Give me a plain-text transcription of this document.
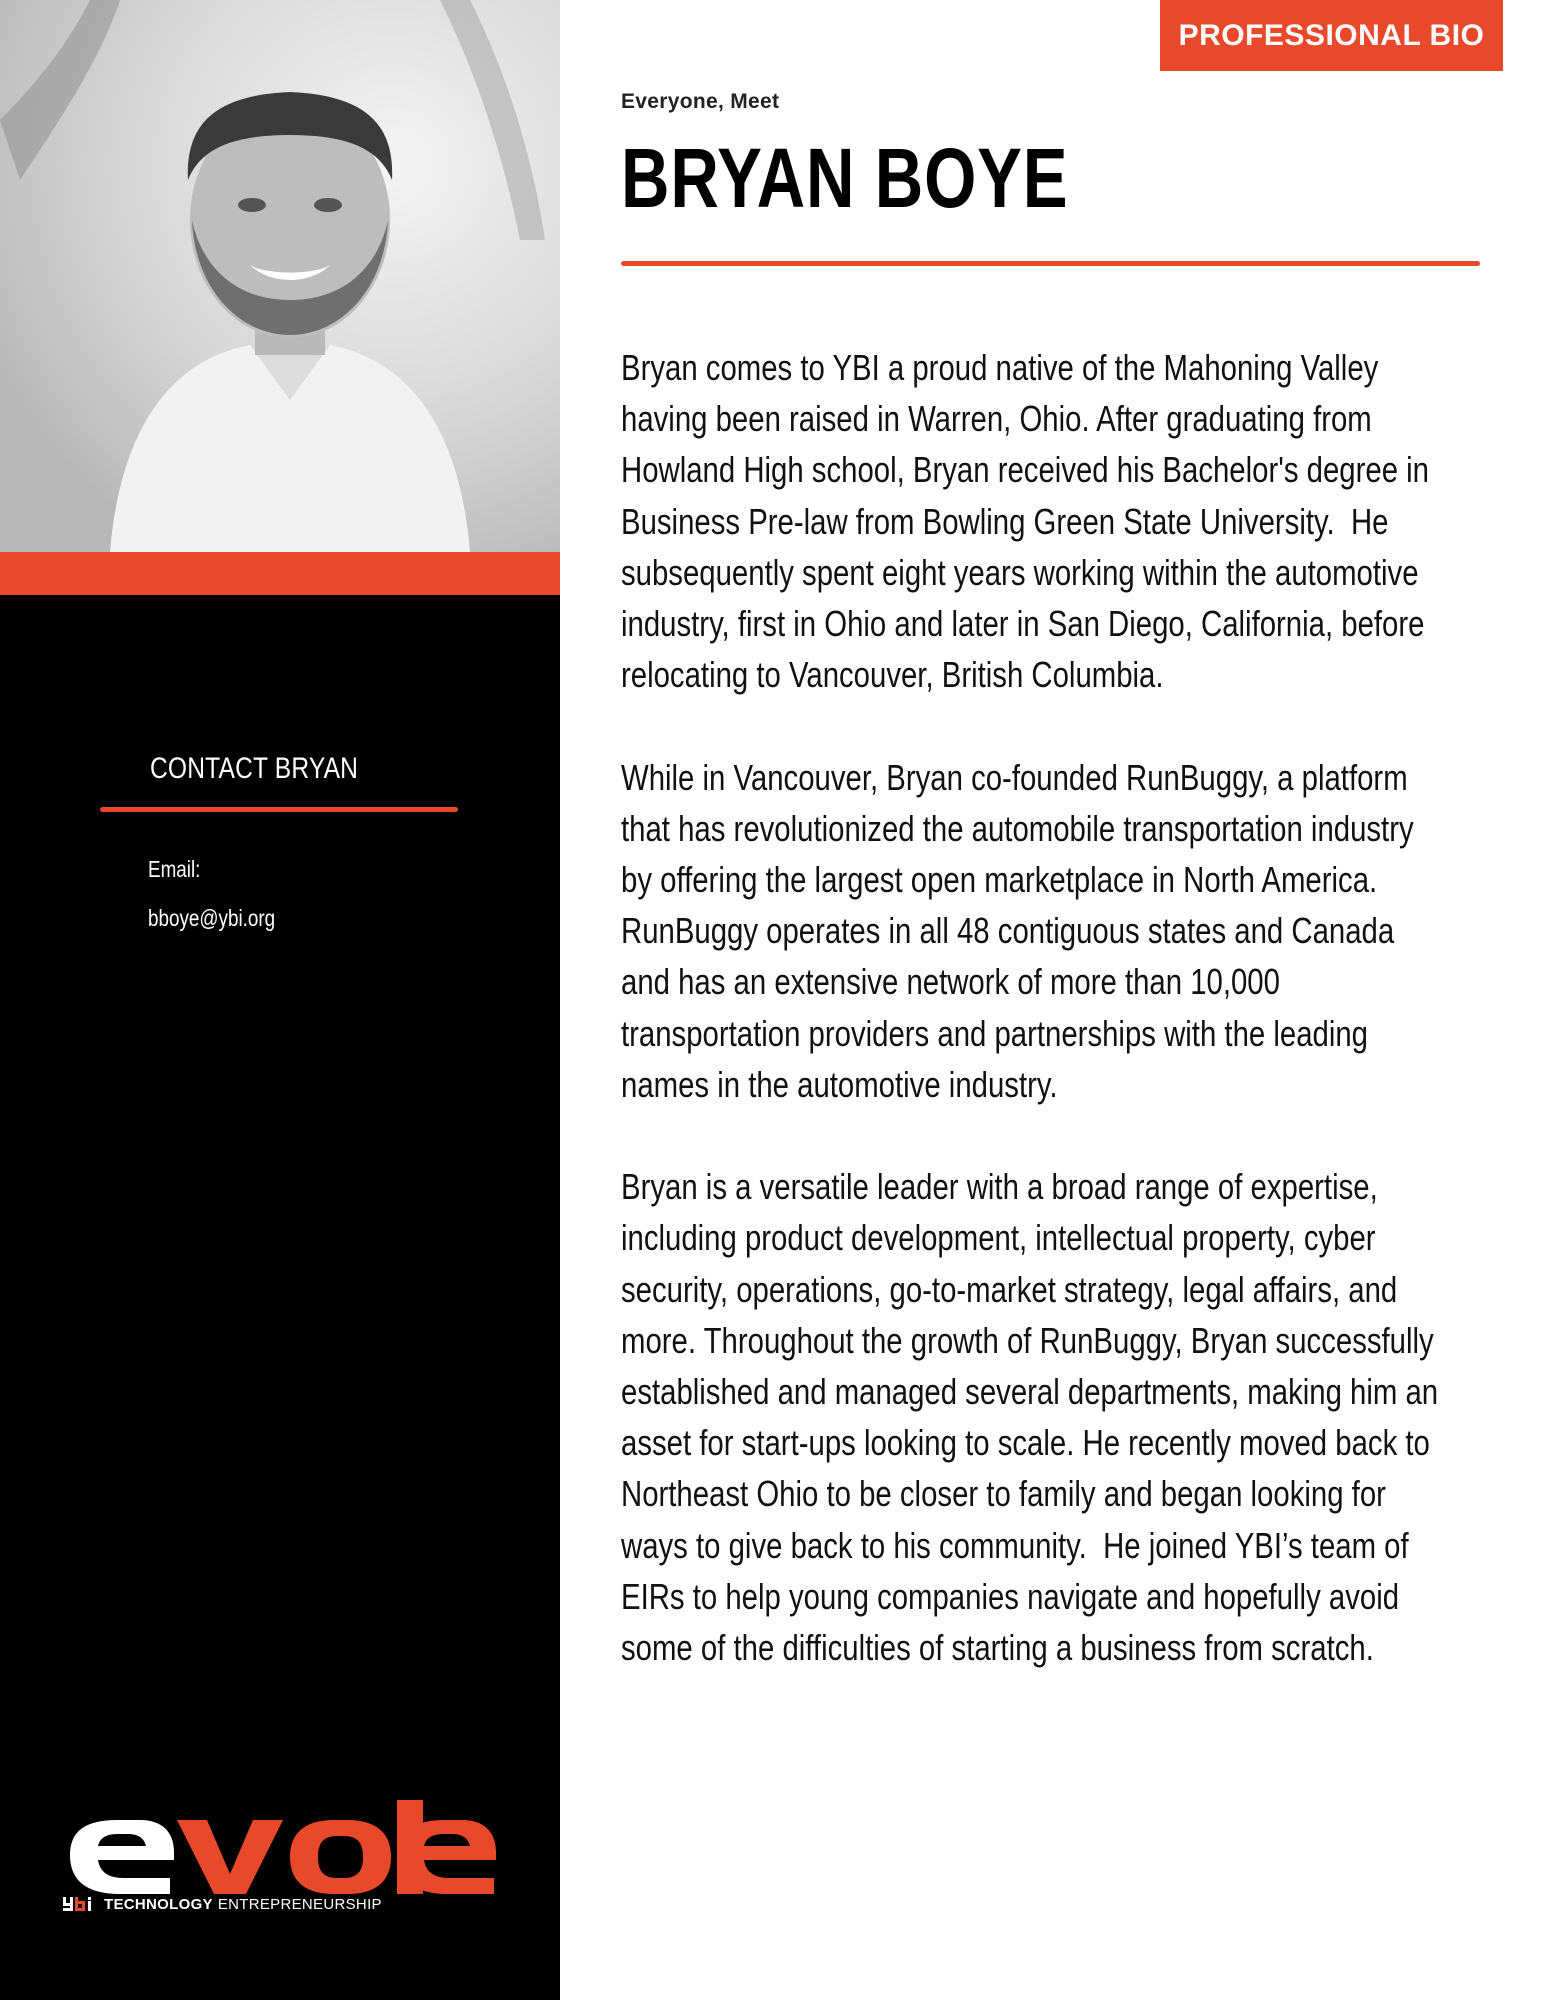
CONTACT BRYAN
Email:
bboye@ybi.org
TECHNOLOGY ENTREPRENEURSHIP
PROFESSIONAL BIO
Everyone, Meet
BRYAN BOYE

Bryan comes to YBI a proud native of the Mahoning Valley
having been raised in Warren, Ohio. After graduating from
Howland High school, Bryan received his Bachelor's degree in
Business Pre-law from Bowling Green State University.  He
subsequently spent eight years working within the automotive
industry, first in Ohio and later in San Diego, California, before
relocating to Vancouver, British Columbia.

While in Vancouver, Bryan co-founded RunBuggy, a platform
that has revolutionized the automobile transportation industry
by offering the largest open marketplace in North America.
RunBuggy operates in all 48 contiguous states and Canada
and has an extensive network of more than 10,000
transportation providers and partnerships with the leading
names in the automotive industry.

Bryan is a versatile leader with a broad range of expertise,
including product development, intellectual property, cyber
security, operations, go-to-market strategy, legal affairs, and
more. Throughout the growth of RunBuggy, Bryan successfully
established and managed several departments, making him an
asset for start-ups looking to scale. He recently moved back to
Northeast Ohio to be closer to family and began looking for
ways to give back to his community.  He joined YBI’s team of
EIRs to help young companies navigate and hopefully avoid
some of the difficulties of starting a business from scratch.
